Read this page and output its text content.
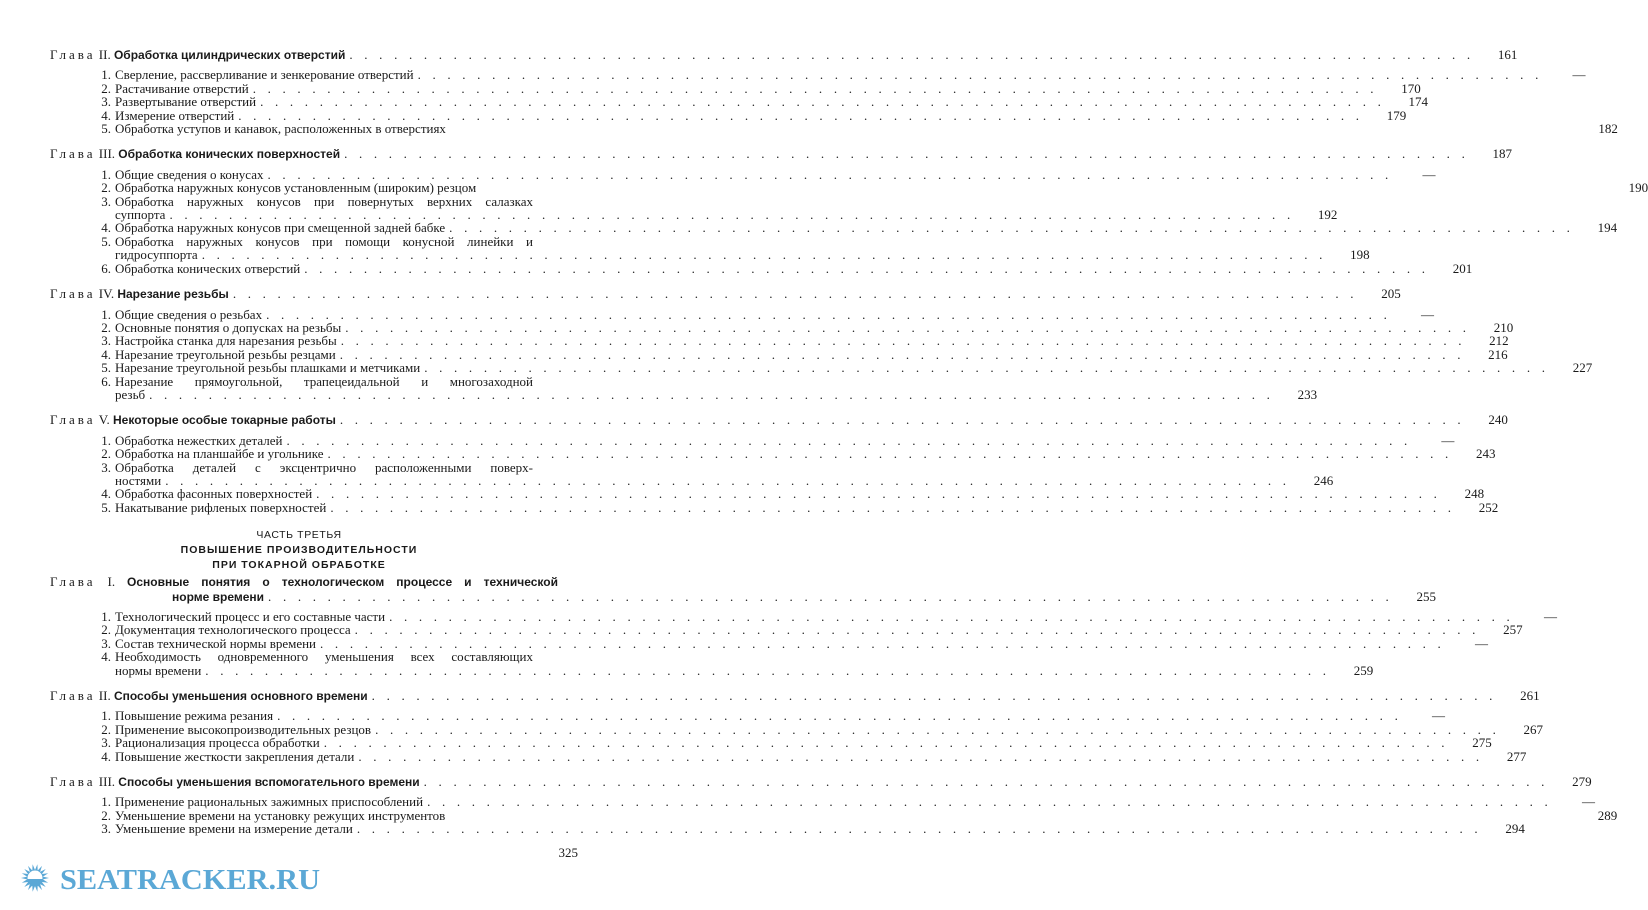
Глава II. Обработка цилиндрических отверстий . . .	161
1. Сверление, рассверливание и зенкерование отверстий . . .	—
2. Растачивание отверстий . . .	170
3. Развертывание отверстий . . .	174
4. Измерение отверстий . . .	179
5. Обработка уступов и канавок, расположенных в отверстиях	182
Глава III. Обработка конических поверхностей . . .	187
1. Общие сведения о конусах . . .	—
2. Обработка наружных конусов установленным (широким) резцом	190
3. Обработка наружных конусов при повернутых верхних салазках
суппорта . . .	192
4. Обработка наружных конусов при смещенной задней бабке . . .	194
5. Обработка наружных конусов при помощи конусной линейки и
гидросуппорта . . .	198
6. Обработка конических отверстий . . .	201
Глава IV. Нарезание резьбы . . .	205
1. Общие сведения о резьбах . . .	—
2. Основные понятия о допусках на резьбы . . .	210
3. Настройка станка для нарезания резьбы . . .	212
4. Нарезание треугольной резьбы резцами . . .	216
5. Нарезание треугольной резьбы плашками и метчиками . . .	227
6. Нарезание прямоугольной, трапецеидальной и многозаходной
резьб . . .	233
Глава V. Некоторые особые токарные работы . . .	240
1. Обработка нежестких деталей . . .	—
2. Обработка на планшайбе и угольнике . . .	243
3. Обработка деталей с эксцентрично расположенными поверх-
ностями . . .	246
4. Обработка фасонных поверхностей . . .	248
5. Накатывание рифленых поверхностей . . .	252
ЧАСТЬ ТРЕТЬЯ
ПОВЫШЕНИЕ ПРОИЗВОДИТЕЛЬНОСТИ
ПРИ ТОКАРНОЙ ОБРАБОТКЕ
Глава I. Основные понятия о технологическом процессе и технической
норме времени . . .	255
1. Технологический процесс и его составные части . . .	—
2. Документация технологического процесса . . .	257
3. Состав технической нормы времени . . .	—
4. Необходимость одновременного уменьшения всех составляющих
нормы времени . . .	259
Глава II. Способы уменьшения основного времени . . .	261
1. Повышение режима резания . . .	—
2. Применение высокопроизводительных резцов . . .	267
3. Рационализация процесса обработки . . .	275
4. Повышение жесткости закрепления детали . . .	277
Глава III. Способы уменьшения вспомогательного времени . . .	279
1. Применение рациональных зажимных приспособлений . . .	—
2. Уменьшение времени на установку режущих инструментов	289
3. Уменьшение времени на измерение детали . . .	294
325
SEATRACKER.RU
